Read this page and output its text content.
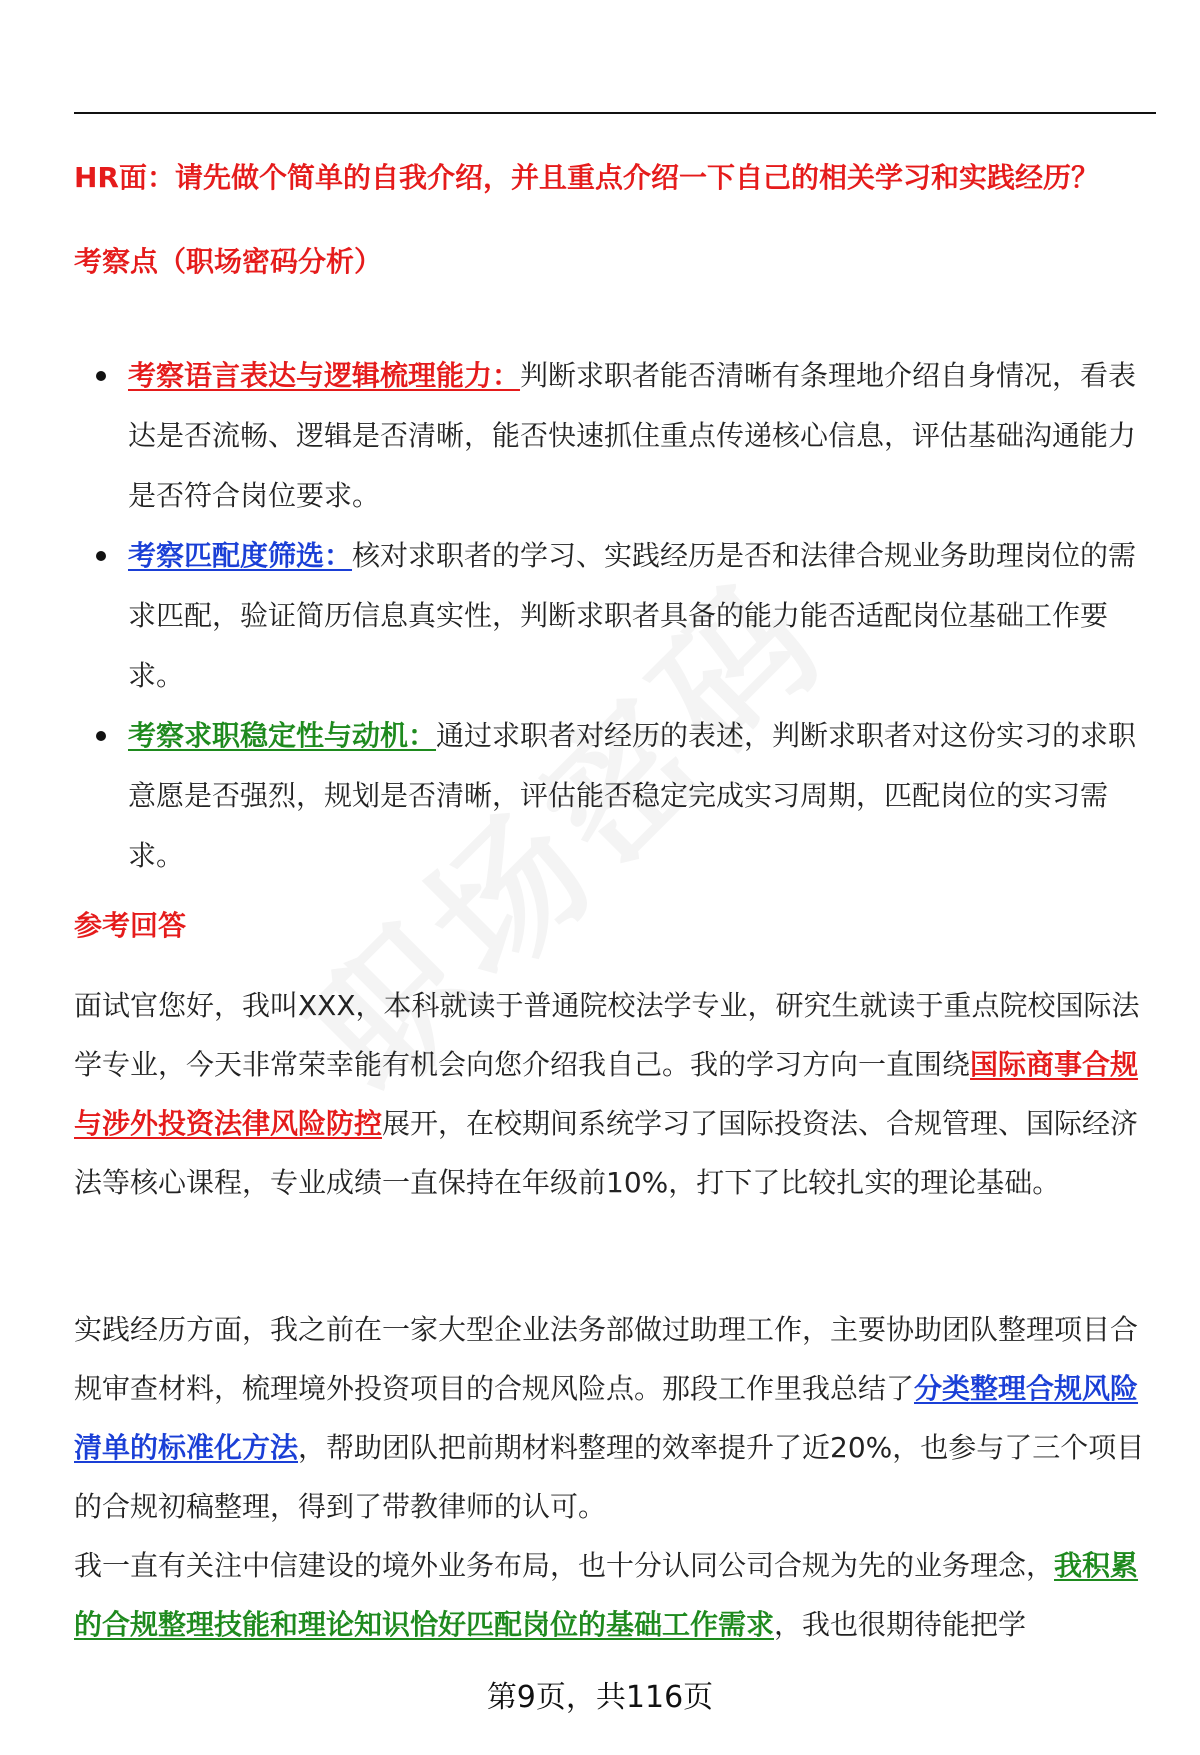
HR面：请先做个简单的自我介绍，并且重点介绍一下自己的相关学习和实践经历？
考察点（职场密码分析）
考察语言表达与逻辑梳理能力：判断求职者能否清晰有条理地介绍自身情况，看表达是否流畅、逻辑是否清晰，能否快速抓住重点传递核心信息，评估基础沟通能力是否符合岗位要求。
考察匹配度筛选：核对求职者的学习、实践经历是否和法律合规业务助理岗位的需求匹配，验证简历信息真实性，判断求职者具备的能力能否适配岗位基础工作要求。
考察求职稳定性与动机：通过求职者对经历的表述，判断求职者对这份实习的求职意愿是否强烈，规划是否清晰，评估能否稳定完成实习周期，匹配岗位的实习需求。
参考回答

面试官您好，我叫XXX，本科就读于普通院校法学专业，研究生就读于重点院校国际法学专业，今天非常荣幸能有机会向您介绍我自己。我的学习方向一直围绕国际商事合规与涉外投资法律风险防控展开，在校期间系统学习了国际投资法、合规管理、国际经济法等核心课程，专业成绩一直保持在年级前10%，打下了比较扎实的理论基础。

实践经历方面，我之前在一家大型企业法务部做过助理工作，主要协助团队整理项目合规审查材料，梳理境外投资项目的合规风险点。那段工作里我总结了分类整理合规风险清单的标准化方法，帮助团队把前期材料整理的效率提升了近20%，也参与了三个项目的合规初稿整理，得到了带教律师的认可。

我一直有关注中信建设的境外业务布局，也十分认同公司合规为先的业务理念，我积累的合规整理技能和理论知识恰好匹配岗位的基础工作需求，我也很期待能把学

第9页，共116页
